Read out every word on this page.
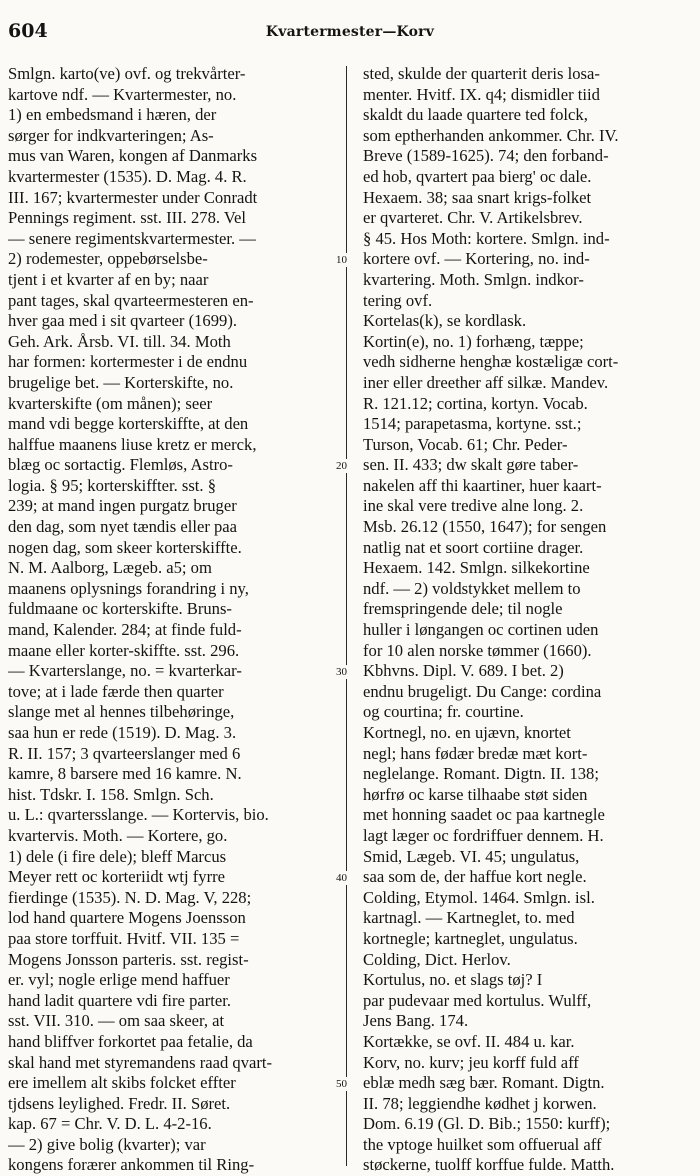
604	Kvartermester—Korv
Smlgn. karto(ve) ovf. og trekvårter-
kartove ndf. — Kvartermester, no.
1) en embedsmand i hæren, der
sørger for indkvarteringen; As-
mus van Waren, kongen af Danmarks
kvartermester (1535). D. Mag. 4. R.
III. 167; kvartermester under Conradt
Pennings regiment. sst. III. 278. Vel
— senere regimentskvartermester. —
2) rodemester, oppebørselsbe-
tjent i et kvarter af en by; naar
pant tages, skal qvarteermesteren en-
hver gaa med i sit qvarteer (1699).
Geh. Ark. Årsb. VI. till. 34. Moth
har formen: kortermester i de endnu
brugelige bet. — Korterskifte, no.
kvarterskifte (om månen); seer
mand vdi begge korterskiffte, at den
halffue maanens liuse kretz er merck,
blæg oc sortactig. Flemløs, Astro-
logia. § 95; korterskiffter. sst. §
239; at mand ingen purgatz bruger
den dag, som nyet tændis eller paa
nogen dag, som skeer korterskiffte.
N. M. Aalborg, Lægeb. a5; om
maanens oplysnings forandring i ny,
fuldmaane oc korterskifte. Bruns-
mand, Kalender. 284; at finde fuld-
maane eller korter-skiffte. sst. 296.
— Kvarterslange, no. = kvarterkar-
tove; at i lade færde then quarter
slange met al hennes tilbehøringe,
saa hun er rede (1519). D. Mag. 3.
R. II. 157; 3 qvarteerslanger med 6
kamre, 8 barsere med 16 kamre. N.
hist. Tdskr. I. 158. Smlgn. Sch.
u. L.: qvartersslange. — Kortervis, bio.
kvartervis. Moth. — Kortere, go.
1) dele (i fire dele); bleff Marcus
Meyer rett oc korteriidt wtj fyrre
fierdinge (1535). N. D. Mag. V, 228;
lod hand quartere Mogens Joensson
paa store torffuit. Hvitf. VII. 135 =
Mogens Jonsson parteris. sst. regist-
er. vyl; nogle erlige mend haffuer
hand ladit quartere vdi fire parter.
sst. VII. 310. — om saa skeer, at
hand bliffver forkortet paa fetalie, da
skal hand met styremandens raad qvart-
ere imellem alt skibs folcket effter
tjdsens leylighed. Fredr. II. Søret.
kap. 67 = Chr. V. D. L. 4-2-16.
— 2) give bolig (kvarter); var
kongens forærer ankommen til Ring-
10
20
30
40
50
sted, skulde der quarterit deris losa-
menter. Hvitf. IX. q4; dismidler tiid
skaldt du laade quartere ted folck,
som eptherhanden ankommer. Chr. IV.
Breve (1589-1625). 74; den forband-
ed hob, qvartert paa bierg' oc dale.
Hexaem. 38; saa snart krigs-folket
er qvarteret. Chr. V. Artikelsbrev.
§ 45. Hos Moth: kortere. Smlgn. ind-
kortere ovf. — Kortering, no. ind-
kvartering. Moth. Smlgn. indkor-
tering ovf.
Kortelas(k), se kordlask.
Kortin(e), no. 1) forhæng, tæppe;
vedh sidherne henghæ kostæligæ cort-
iner eller dreether aff silkæ. Mandev.
R. 121.12; cortina, kortyn. Vocab.
1514; parapetasma, kortyne. sst.;
Turson, Vocab. 61; Chr. Peder-
sen. II. 433; dw skalt gøre taber-
nakelen aff thi kaartiner, huer kaart-
ine skal vere tredive alne long. 2.
Msb. 26.12 (1550, 1647); for sengen
natlig nat et soort cortiine drager.
Hexaem. 142. Smlgn. silkekortine
ndf. — 2) voldstykket mellem to
fremspringende dele; til nogle
huller i løngangen oc cortinen uden
for 10 alen norske tømmer (1660).
Kbhvns. Dipl. V. 689. I bet. 2)
endnu brugeligt. Du Cange: cordina
og courtina; fr. courtine.
Kortnegl, no. en ujævn, knortet
negl; hans fødær bredæ mæt kort-
neglelange. Romant. Digtn. II. 138;
hørfrø oc karse tilhaabe støt siden
met honning saadet oc paa kartnegle
lagt læger oc fordriffuer dennem. H.
Smid, Lægeb. VI. 45; ungulatus,
saa som de, der haffue kort negle.
Colding, Etymol. 1464. Smlgn. isl.
kartnagl. — Kartneglet, to. med
kortnegle; kartneglet, ungulatus.
Colding, Dict. Herlov.
Kortulus, no. et slags tøj? I
par pudevaar med kortulus. Wulff,
Jens Bang. 174.
Kortække, se ovf. II. 484 u. kar.
Korv, no. kurv; jeu korff fuld aff
eblæ medh sæg bær. Romant. Digtn.
II. 78; leggiendhe kødhet j korwen.
Dom. 6.19 (Gl. D. Bib.; 1550: kurff);
the vptoge huilket som offuerual aff
støckerne, tuolff korffue fulde. Matth.
